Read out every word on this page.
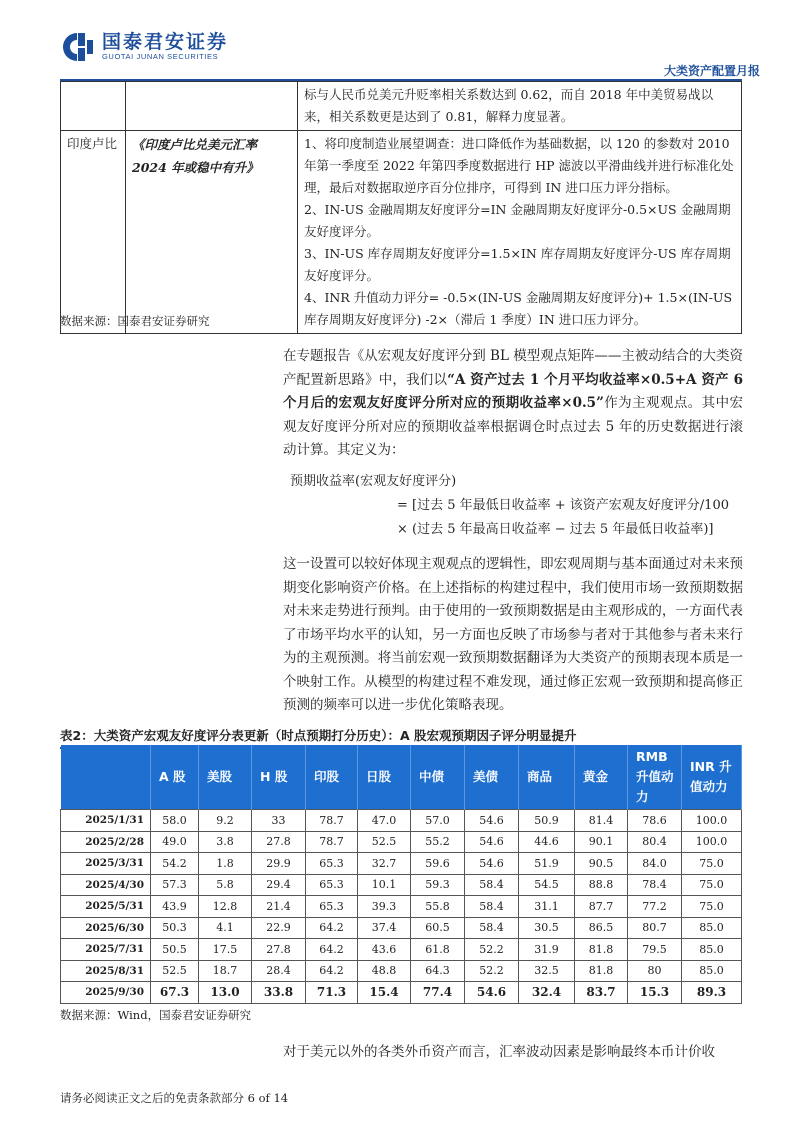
国泰君安证券
GUOTAI JUNAN SECURITIES
大类资产配置月报
		标与人民币兑美元升贬率相关系数达到 0.62，而自 2018 年中美贸易战以来，相关系数更是达到了 0.81，解释力度显著。
印度卢比	《印度卢比兑美元汇率 2024 年或稳中有升》	1、将印度制造业展望调查：进口降低作为基础数据，以 120 的参数对 2010 年第一季度至 2022 年第四季度数据进行 HP 滤波以平滑曲线并进行标准化处理，最后对数据取逆序百分位排序，可得到 IN 进口压力评分指标。
2、IN-US 金融周期友好度评分=IN 金融周期友好度评分-0.5×US 金融周期友好度评分。
3、IN-US 库存周期友好度评分=1.5×IN 库存周期友好度评分-US 库存周期友好度评分。
4、INR 升值动力评分= -0.5×(IN-US 金融周期友好度评分)+ 1.5×(IN-US 库存周期友好度评分) -2×（滞后 1 季度）IN 进口压力评分。
数据来源：国泰君安证券研究
在专题报告《从宏观友好度评分到 BL 模型观点矩阵——主被动结合的大类资产配置新思路》中，我们以“A 资产过去 1 个月平均收益率×0.5+A 资产 6 个月后的宏观友好度评分所对应的预期收益率×0.5”作为主观观点。其中宏观友好度评分所对应的预期收益率根据调仓时点过去 5 年的历史数据进行滚动计算。其定义为：
预期收益率(宏观友好度评分)
= [过去 5 年最低日收益率 + 该资产宏观友好度评分/100
× (过去 5 年最高日收益率 − 过去 5 年最低日收益率)]
这一设置可以较好体现主观观点的逻辑性，即宏观周期与基本面通过对未来预期变化影响资产价格。在上述指标的构建过程中，我们使用市场一致预期数据对未来走势进行预判。由于使用的一致预期数据是由主观形成的，一方面代表了市场平均水平的认知，另一方面也反映了市场参与者对于其他参与者未来行为的主观预测。将当前宏观一致预期数据翻译为大类资产的预期表现本质是一个映射工作。从模型的构建过程不难发现，通过修正宏观一致预期和提高修正预测的频率可以进一步优化策略表现。
表2：大类资产宏观友好度评分表更新（时点预期打分历史）：A 股宏观预期因子评分明显提升
	A 股	美股	H 股	印股	日股	中债	美债	商品	黄金	RMB 升值动力	INR 升值动力
2025/1/31	58.0	9.2	33	78.7	47.0	57.0	54.6	50.9	81.4	78.6	100.0
2025/2/28	49.0	3.8	27.8	78.7	52.5	55.2	54.6	44.6	90.1	80.4	100.0
2025/3/31	54.2	1.8	29.9	65.3	32.7	59.6	54.6	51.9	90.5	84.0	75.0
2025/4/30	57.3	5.8	29.4	65.3	10.1	59.3	58.4	54.5	88.8	78.4	75.0
2025/5/31	43.9	12.8	21.4	65.3	39.3	55.8	58.4	31.1	87.7	77.2	75.0
2025/6/30	50.3	4.1	22.9	64.2	37.4	60.5	58.4	30.5	86.5	80.7	85.0
2025/7/31	50.5	17.5	27.8	64.2	43.6	61.8	52.2	31.9	81.8	79.5	85.0
2025/8/31	52.5	18.7	28.4	64.2	48.8	64.3	52.2	32.5	81.8	80	85.0
2025/9/30	67.3	13.0	33.8	71.3	15.4	77.4	54.6	32.4	83.7	15.3	89.3
数据来源：Wind，国泰君安证券研究
对于美元以外的各类外币资产而言，汇率波动因素是影响最终本币计价收
请务必阅读正文之后的免责条款部分 6 of 14
